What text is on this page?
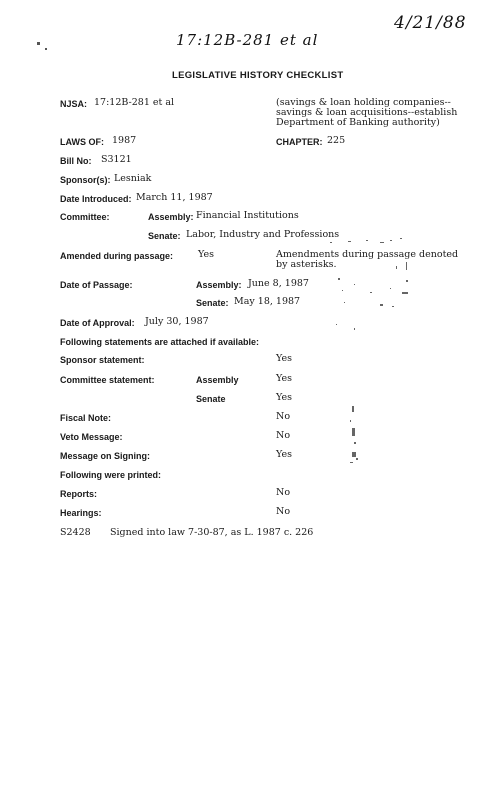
17:12B-281 et al
4/21/88
LEGISLATIVE HISTORY CHECKLIST
NJSA: 17:12B-281 et al	(savings & loan holding companies--
savings & loan acquisitions--establish
Department of Banking authority)
LAWS OF: 1987	CHAPTER: 225
Bill No: S3121
Sponsor(s): Lesniak
Date Introduced: March 11, 1987
Committee:	Assembly: Financial Institutions
Senate: Labor, Industry and Professions
Amended during passage:	Yes	Amendments during passage denoted
by asterisks.
Date of Passage:	Assembly: June 8, 1987
Senate: May 18, 1987
Date of Approval: July 30, 1987
Following statements are attached if available:
Sponsor statement:	Yes
Committee statement:	Assembly	Yes
Senate	Yes
Fiscal Note:	No
Veto Message:	No
Message on Signing:	Yes
Following were printed:
Reports:	No
Hearings:	No
S2428 Signed into law 7-30-87, as L. 1987 c. 226
